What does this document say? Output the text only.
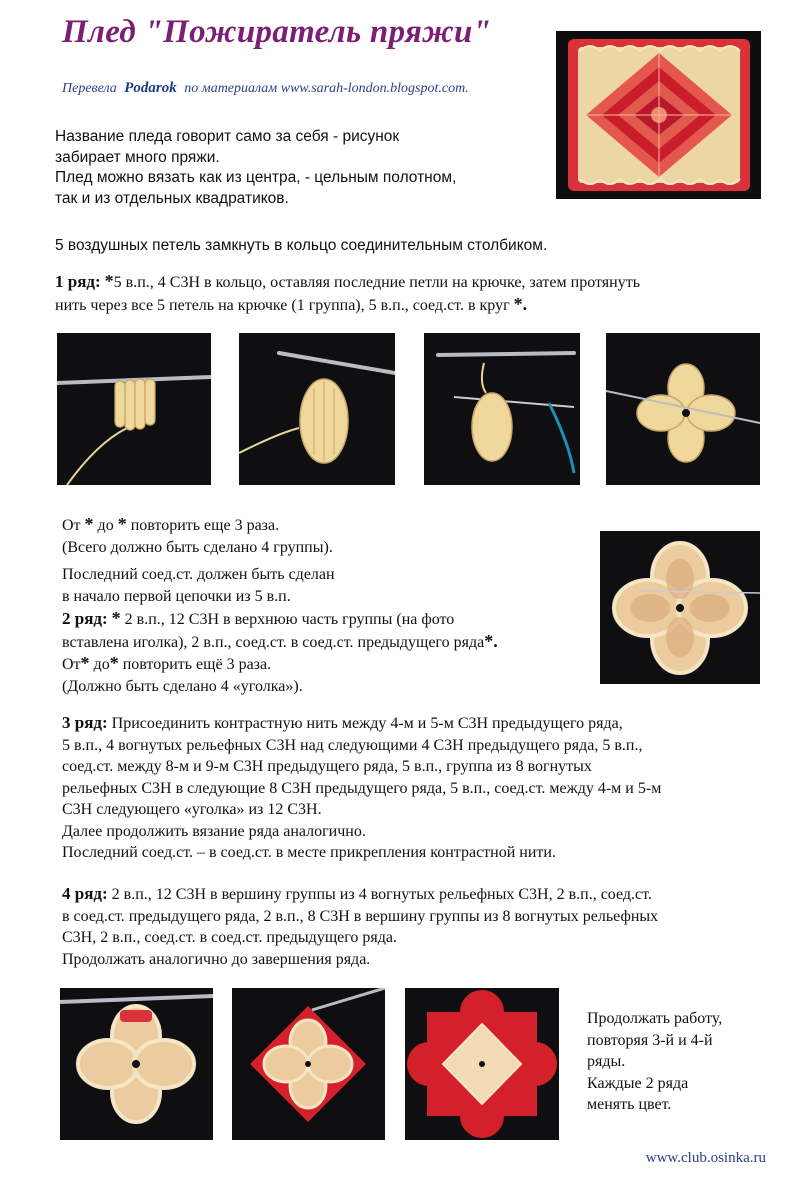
Плед "Пожиратель пряжи"
Перевела Podarok по материалам www.sarah-london.blogspot.com.
Название пледа говорит само за себя - рисунок
забирает много пряжи.
Плед можно вязать как из центра, - цельным полотном,
так и из отдельных квадратиков.
5 воздушных петель замкнуть в кольцо соединительным столбиком.
1 ряд: *5 в.п., 4 С3Н в кольцо, оставляя последние петли на крючке, затем протянуть
нить через все 5 петель на крючке (1 группа), 5 в.п., соед.ст. в круг *.
От * до * повторить еще 3 раза.
(Всего должно быть сделано 4 группы).
Последний соед.ст. должен быть сделан
в начало первой цепочки из 5 в.п.
2 ряд: * 2 в.п., 12 С3Н в верхнюю часть группы (на фото
вставлена иголка), 2 в.п., соед.ст. в соед.ст. предыдущего ряда*.
От* до* повторить ещё 3 раза.
(Должно быть сделано 4 «уголка»).
3 ряд: Присоединить контрастную нить между 4-м и 5-м С3Н предыдущего ряда,
5 в.п., 4 вогнутых рельефных С3Н над следующими 4 С3Н предыдущего ряда, 5 в.п.,
соед.ст. между 8-м и 9-м С3Н предыдущего ряда, 5 в.п., группа из 8 вогнутых
рельефных С3Н в следующие 8 С3Н предыдущего ряда, 5 в.п., соед.ст. между 4-м и 5-м
С3Н следующего «уголка» из 12 С3Н.
Далее продолжить вязание ряда аналогично.
Последний соед.ст. – в соед.ст. в месте прикрепления контрастной нити.
4 ряд: 2 в.п., 12 С3Н в вершину группы из 4 вогнутых рельефных С3Н, 2 в.п., соед.ст.
в соед.ст. предыдущего ряда, 2 в.п., 8 С3Н в вершину группы из 8 вогнутых рельефных
С3Н, 2 в.п., соед.ст. в соед.ст. предыдущего ряда.
Продолжать аналогично до завершения ряда.
Продолжать работу,
повторяя 3-й и 4-й
ряды.
Каждые 2 ряда
менять цвет.
www.club.osinka.ru
